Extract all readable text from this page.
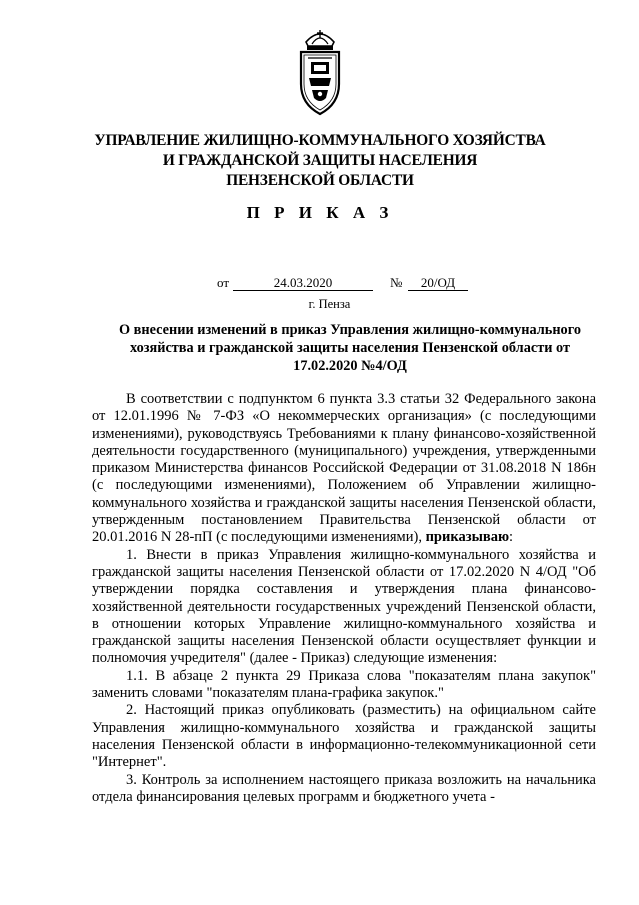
УПРАВЛЕНИЕ ЖИЛИЩНО-КОММУНАЛЬНОГО ХОЗЯЙСТВА
И ГРАЖДАНСКОЙ ЗАЩИТЫ НАСЕЛЕНИЯ
ПЕНЗЕНСКОЙ ОБЛАСТИ
П Р И К А З
от	24.03.2020	№	20/ОД
г. Пенза
О внесении изменений в приказ Управления жилищно-коммунального
хозяйства и гражданской защиты населения Пензенской области от
17.02.2020 №4/ОД

В соответствии с подпунктом 6 пункта 3.3 статьи 32 Федерального закона от 12.01.1996 № 7-ФЗ «О некоммерческих организация» (с последующими изменениями), руководствуясь Требованиями к плану финансово-хозяйственной деятельности государственного (муниципального) учреждения, утвержденными приказом Министерства финансов Российской Федерации от 31.08.2018 N 186н (с последующими изменениями), Положением об Управлении жилищно-коммунального хозяйства и гражданской защиты населения Пензенской области, утвержденным постановлением Правительства Пензенской области от 20.01.2016 N 28-пП (с последующими изменениями), приказываю:

1. Внести в приказ Управления жилищно-коммунального хозяйства и гражданской защиты населения Пензенской области от 17.02.2020 N 4/ОД "Об утверждении порядка составления и утверждения плана финансово-хозяйственной деятельности государственных учреждений Пензенской области, в отношении которых Управление жилищно-коммунального хозяйства и гражданской защиты населения Пензенской области осуществляет функции и полномочия учредителя" (далее - Приказ) следующие изменения:

1.1. В абзаце 2 пункта 29 Приказа слова "показателям плана закупок" заменить словами "показателям плана-графика закупок."

2. Настоящий приказ опубликовать (разместить) на официальном сайте Управления жилищно-коммунального хозяйства и гражданской защиты населения Пензенской области в информационно-телекоммуникационной сети "Интернет".

3. Контроль за исполнением настоящего приказа возложить на начальника отдела финансирования целевых программ и бюджетного учета -
